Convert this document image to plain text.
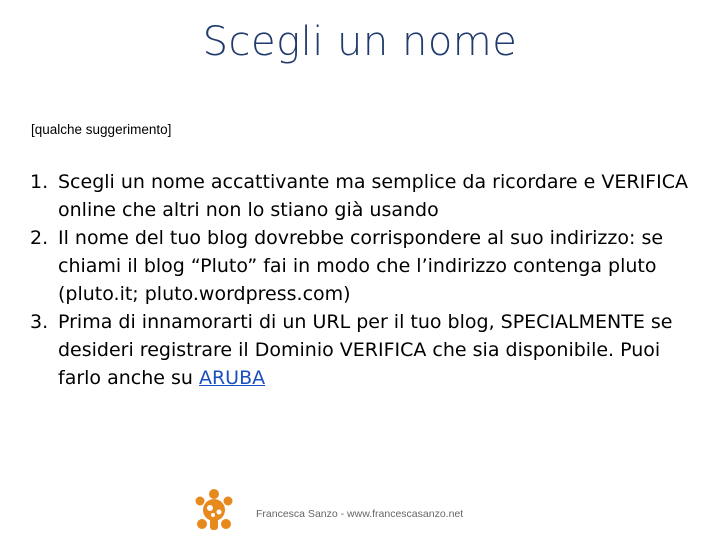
Scegli un nome
[qualche suggerimento]
1. Scegli un nome accattivante ma semplice da ricordare e VERIFICA online che altri non lo stiano già usando
2. Il nome del tuo blog dovrebbe corrispondere al suo indirizzo: se chiami il blog “Pluto” fai in modo che l’indirizzo contenga pluto (pluto.it; pluto.wordpress.com)
3. Prima di innamorarti di un URL per il tuo blog, SPECIALMENTE se desideri registrare il Dominio VERIFICA che sia disponibile. Puoi farlo anche su ARUBA
Francesca Sanzo - www.francescasanzo.net
